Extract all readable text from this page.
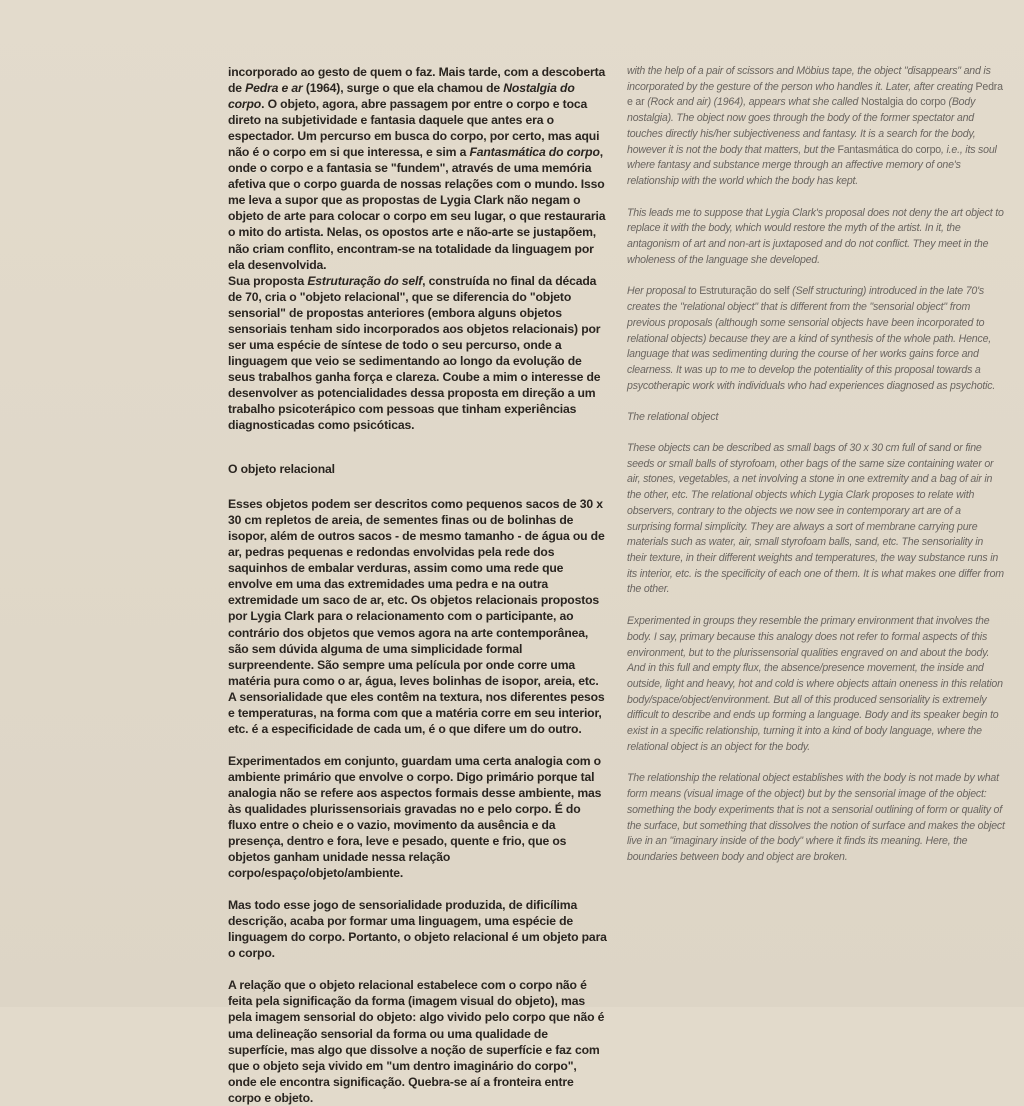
incorporado ao gesto de quem o faz. Mais tarde, com a descoberta de Pedra e ar (1964), surge o que ela chamou de Nostalgia do corpo. O objeto, agora, abre passagem por entre o corpo e toca direto na subjetividade e fantasia daquele que antes era o espectador. Um percurso em busca do corpo, por certo, mas aqui não é o corpo em si que interessa, e sim a Fantasmática do corpo, onde o corpo e a fantasia se "fundem", através de uma memória afetiva que o corpo guarda de nossas relações com o mundo. Isso me leva a supor que as propostas de Lygia Clark não negam o objeto de arte para colocar o corpo em seu lugar, o que restauraria o mito do artista. Nelas, os opostos arte e não-arte se justapõem, não criam conflito, encontram-se na totalidade da linguagem por ela desenvolvida.

Sua proposta Estruturação do self, construída no final da década de 70, cria o "objeto relacional", que se diferencia do "objeto sensorial" de propostas anteriores (embora alguns objetos sensoriais tenham sido incorporados aos objetos relacionais) por ser uma espécie de síntese de todo o seu percurso, onde a linguagem que veio se sedimentando ao longo da evolução de seus trabalhos ganha força e clareza. Coube a mim o interesse de desenvolver as potencialidades dessa proposta em direção a um trabalho psicoterápico com pessoas que tinham experiências diagnosticadas como psicóticas.

O objeto relacional

Esses objetos podem ser descritos como pequenos sacos de 30 x 30 cm repletos de areia, de sementes finas ou de bolinhas de isopor, além de outros sacos - de mesmo tamanho - de água ou de ar, pedras pequenas e redondas envolvidas pela rede dos saquinhos de embalar verduras, assim como uma rede que envolve em uma das extremidades uma pedra e na outra extremidade um saco de ar, etc. Os objetos relacionais propostos por Lygia Clark para o relacionamento com o participante, ao contrário dos objetos que vemos agora na arte contemporânea, são sem dúvida alguma de uma simplicidade formal surpreendente. São sempre uma película por onde corre uma matéria pura como o ar, água, leves bolinhas de isopor, areia, etc. A sensorialidade que eles contêm na textura, nos diferentes pesos e temperaturas, na forma com que a matéria corre em seu interior, etc. é a especificidade de cada um, é o que difere um do outro.

Experimentados em conjunto, guardam uma certa analogia com o ambiente primário que envolve o corpo. Digo primário porque tal analogia não se refere aos aspectos formais desse ambiente, mas às qualidades plurissensoriais gravadas no e pelo corpo. É do fluxo entre o cheio e o vazio, movimento da ausência e da presença, dentro e fora, leve e pesado, quente e frio, que os objetos ganham unidade nessa relação corpo/espaço/objeto/ambiente.

Mas todo esse jogo de sensorialidade produzida, de dificílima descrição, acaba por formar uma linguagem, uma espécie de linguagem do corpo. Portanto, o objeto relacional é um objeto para o corpo.

A relação que o objeto relacional estabelece com o corpo não é feita pela significação da forma (imagem visual do objeto), mas pela imagem sensorial do objeto: algo vivido pelo corpo que não é uma delineação sensorial da forma ou uma qualidade de superfície, mas algo que dissolve a noção de superfície e faz com que o objeto seja vivido em "um dentro imaginário do corpo", onde ele encontra significação. Quebra-se aí a fronteira entre corpo e objeto.

with the help of a pair of scissors and Möbius tape, the object "disappears" and is incorporated by the gesture of the person who handles it. Later, after creating Pedra e ar (Rock and air) (1964), appears what she called Nostalgia do corpo (Body nostalgia). The object now goes through the body of the former spectator and touches directly his/her subjectiveness and fantasy. It is a search for the body, however it is not the body that matters, but the Fantasmática do corpo, i.e., its soul where fantasy and substance merge through an affective memory of one's relationship with the world which the body has kept.

This leads me to suppose that Lygia Clark's proposal does not deny the art object to replace it with the body, which would restore the myth of the artist. In it, the antagonism of art and non-art is juxtaposed and do not conflict. They meet in the wholeness of the language she developed.

Her proposal to Estruturação do self (Self structuring) introduced in the late 70's creates the "relational object" that is different from the "sensorial object" from previous proposals (although some sensorial objects have been incorporated to relational objects) because they are a kind of synthesis of the whole path. Hence, language that was sedimenting during the course of her works gains force and clearness. It was up to me to develop the potentiality of this proposal towards a psycotherapic work with individuals who had experiences diagnosed as psychotic.

The relational object

These objects can be described as small bags of 30 x 30 cm full of sand or fine seeds or small balls of styrofoam, other bags of the same size containing water or air, stones, vegetables, a net involving a stone in one extremity and a bag of air in the other, etc. The relational objects which Lygia Clark proposes to relate with observers, contrary to the objects we now see in contemporary art are of a surprising formal simplicity. They are always a sort of membrane carrying pure materials such as water, air, small styrofoam balls, sand, etc. The sensoriality in their texture, in their different weights and temperatures, the way substance runs in its interior, etc. is the specificity of each one of them. It is what makes one differ from the other.

Experimented in groups they resemble the primary environment that involves the body. I say, primary because this analogy does not refer to formal aspects of this environment, but to the plurissensorial qualities engraved on and about the body. And in this full and empty flux, the absence/presence movement, the inside and outside, light and heavy, hot and cold is where objects attain oneness in this relation body/space/object/environment. But all of this produced sensoriality is extremely difficult to describe and ends up forming a language. Body and its speaker begin to exist in a specific relationship, turning it into a kind of body language, where the relational object is an object for the body.

The relationship the relational object establishes with the body is not made by what form means (visual image of the object) but by the sensorial image of the object: something the body experiments that is not a sensorial outlining of form or quality of the surface, but something that dissolves the notion of surface and makes the object live in an "imaginary inside of the body" where it finds its meaning. Here, the boundaries between body and object are broken.
